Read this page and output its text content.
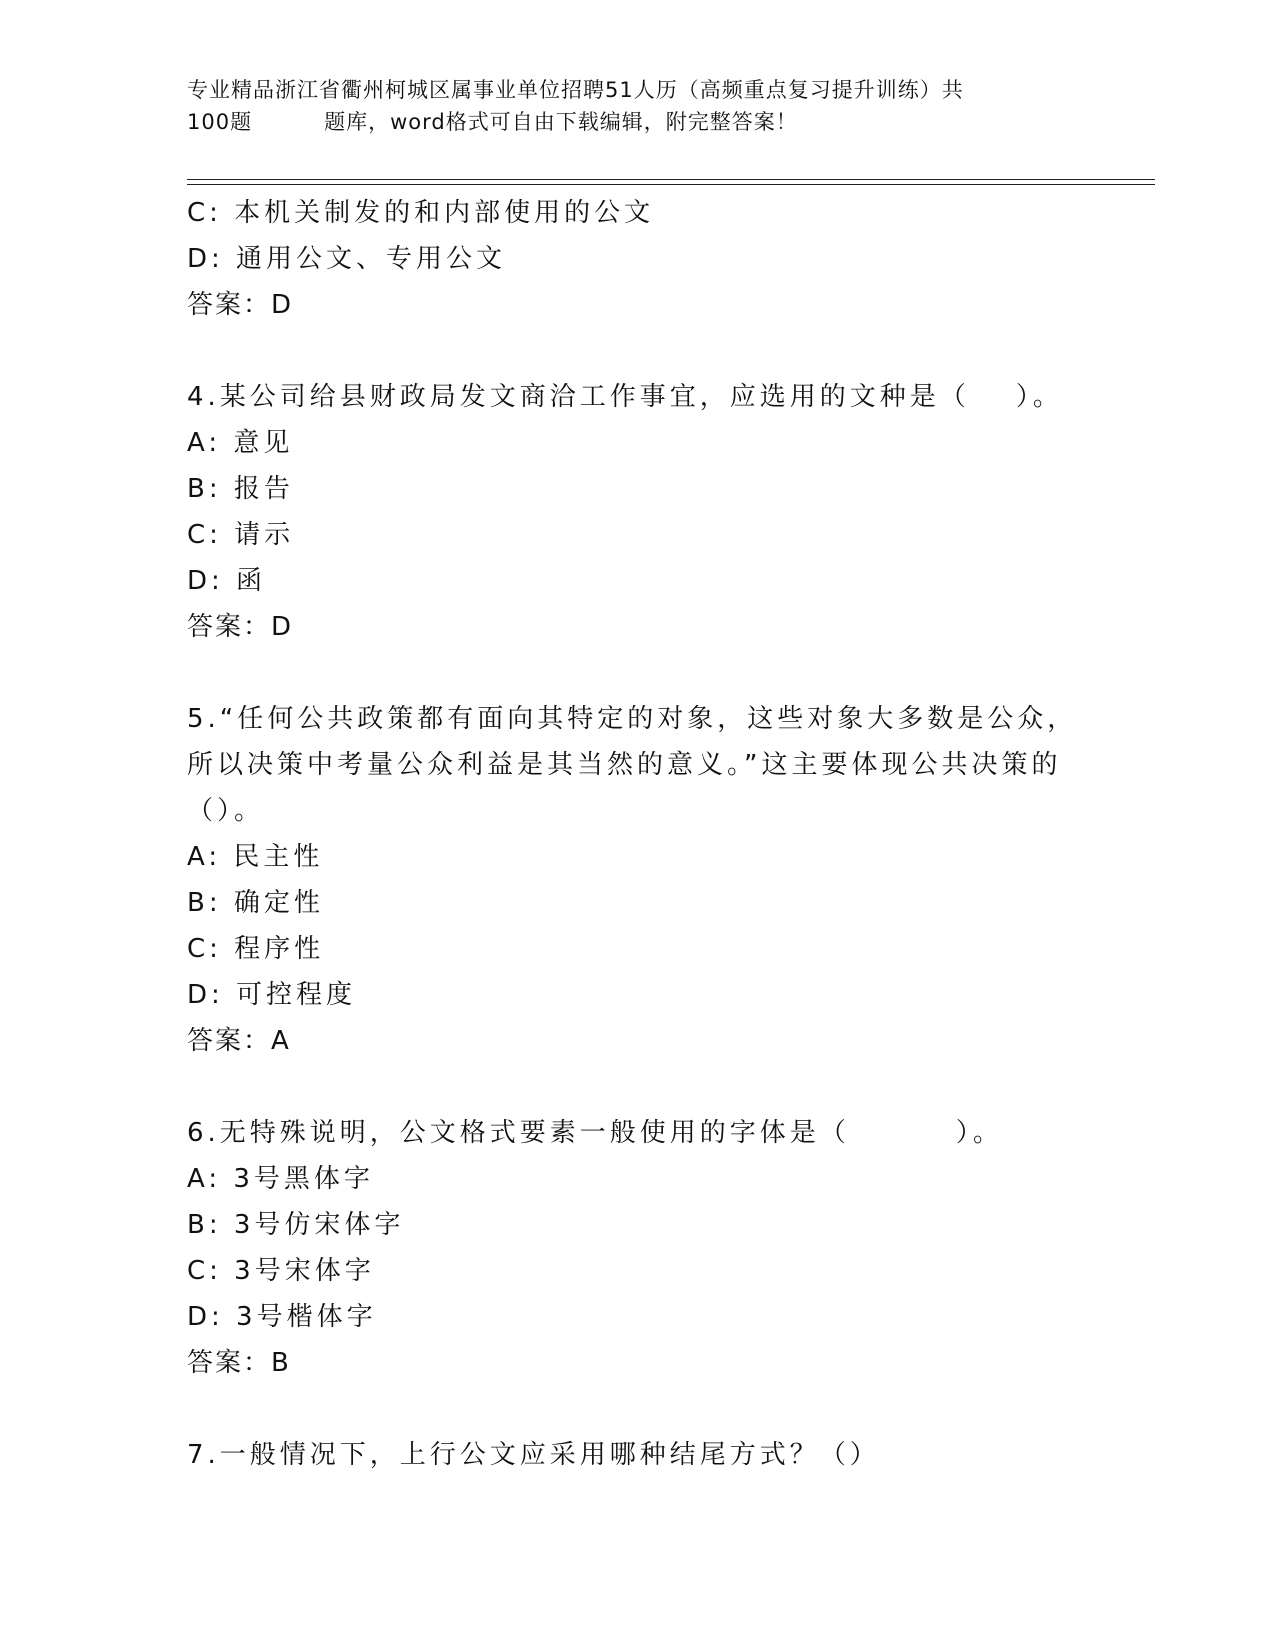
专业精品浙江省衢州柯城区属事业单位招聘51人历（高频重点复习提升训练）共
100题	题库，word格式可自由下载编辑，附完整答案！
C: 本机关制发的和内部使用的公文
D: 通用公文、专用公文
答案：D
4.某公司给县财政局发文商洽工作事宜，应选用的文种是（ ）。
A: 意见
B: 报告
C: 请示
D: 函
答案：D
5.“任何公共政策都有面向其特定的对象，这些对象大多数是公众，
所以决策中考量公众利益是其当然的意义。”这主要体现公共决策的
（）。
A: 民主性
B: 确定性
C: 程序性
D: 可控程度
答案：A
6.无特殊说明，公文格式要素一般使用的字体是（	）。
A: 3号黑体字
B: 3号仿宋体字
C: 3号宋体字
D: 3号楷体字
答案：B
7.一般情况下，上行公文应采用哪种结尾方式？（）
